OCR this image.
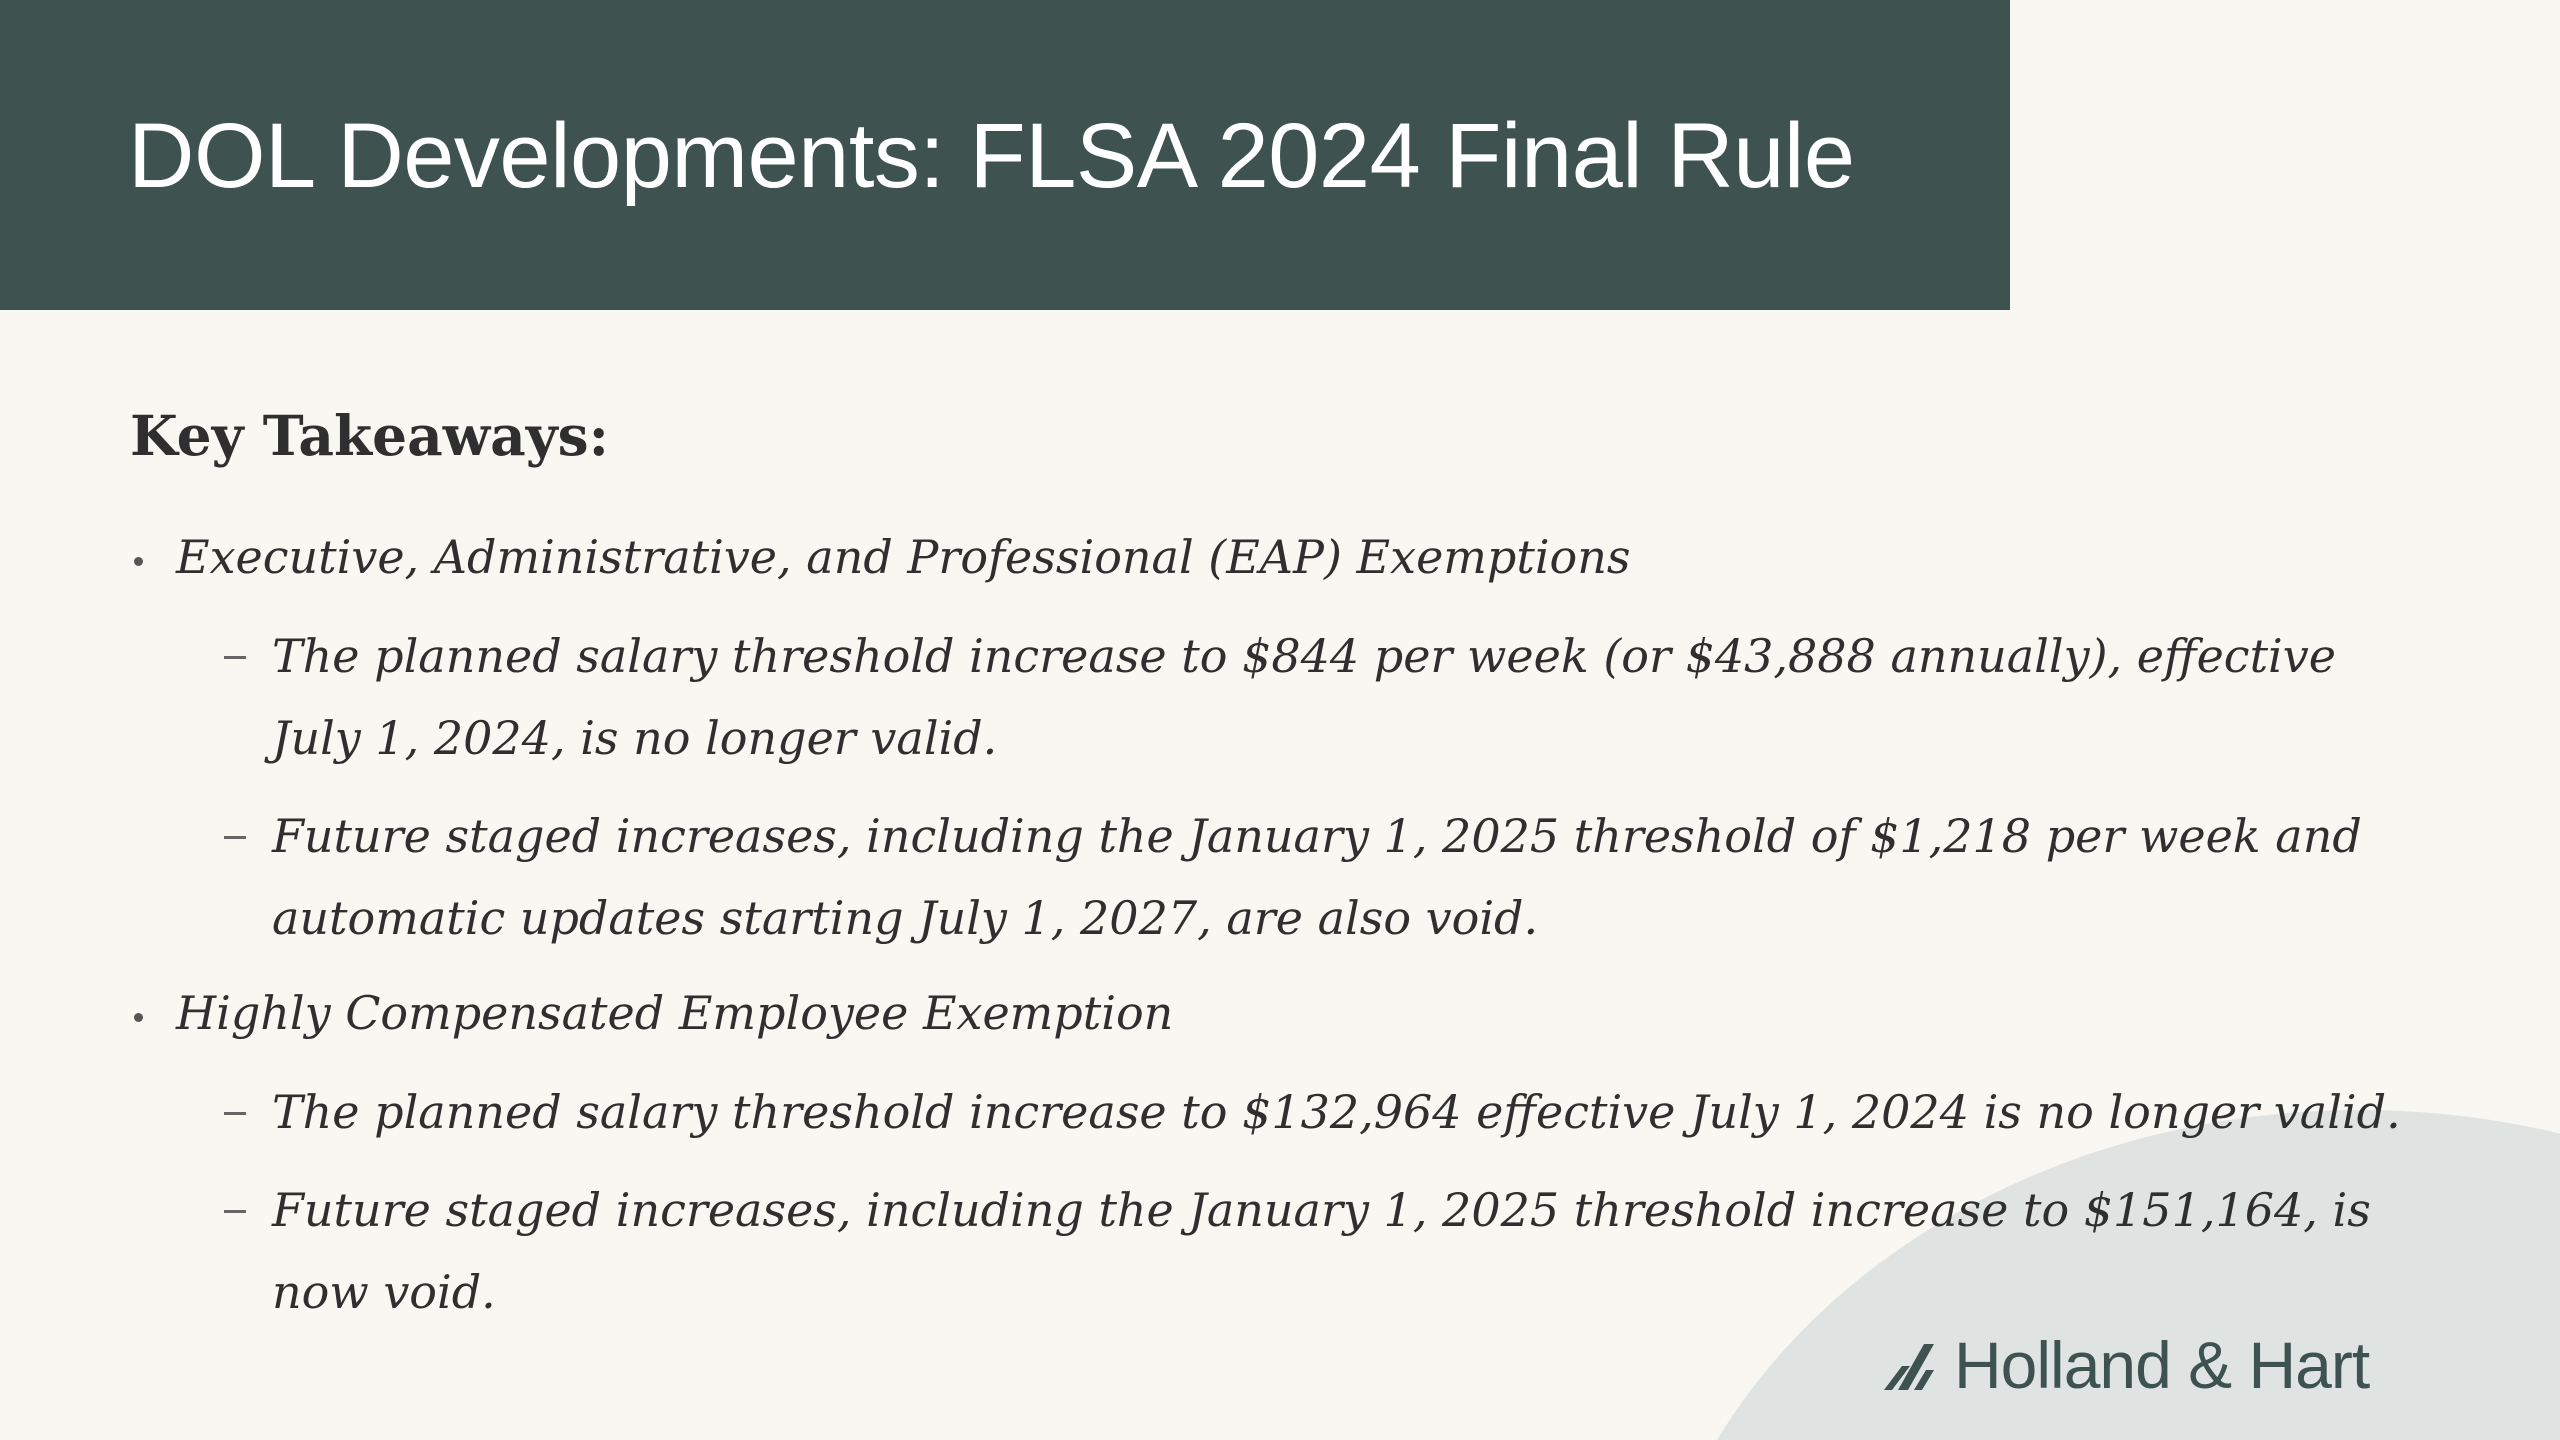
DOL Developments: FLSA 2024 Final Rule
Key Takeaways:
Executive, Administrative, and Professional (EAP) Exemptions
The planned salary threshold increase to $844 per week (or $43,888 annually), effective July 1, 2024, is no longer valid.
Future staged increases, including the January 1, 2025 threshold of $1,218 per week and automatic updates starting July 1, 2027, are also void.
Highly Compensated Employee Exemption
The planned salary threshold increase to $132,964 effective July 1, 2024 is no longer valid.
Future staged increases, including the January 1, 2025 threshold increase to $151,164, is now void.
Holland & Hart
